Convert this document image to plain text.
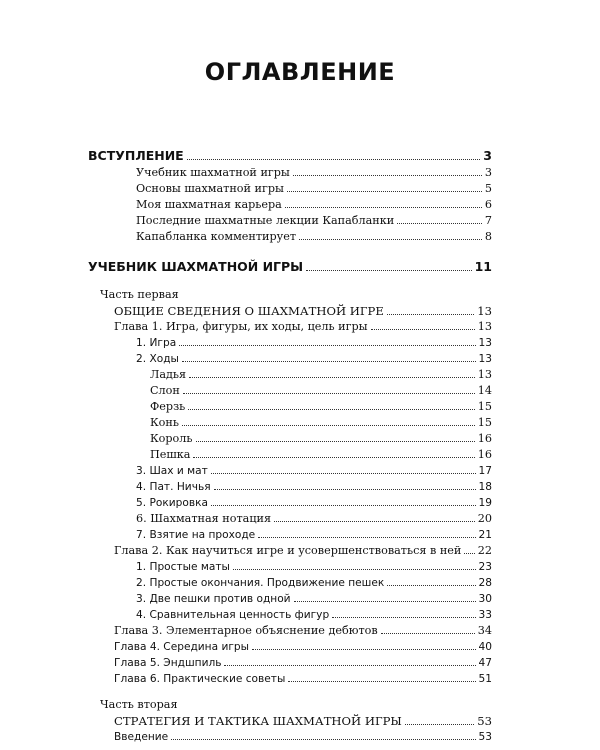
ОГЛАВЛЕНИЕ
Часть первая
Часть вторая
ВСТУПЛЕНИЕ	3
Учебник шахматной игры	3
Основы шахматной игры	5
Моя шахматная карьера	6
Последние шахматные лекции Капабланки	7
Капабланка комментирует	8
УЧЕБНИК ШАХМАТНОЙ ИГРЫ	11
ОБЩИЕ СВЕДЕНИЯ О ШАХМАТНОЙ ИГРЕ	13
Глава 1. Игра, фигуры, их ходы, цель игры	13
1. Игра	13
2. Ходы	13
Ладья	13
Слон	14
Ферзь	15
Конь	15
Король	16
Пешка	16
3. Шах и мат	17
4. Пат. Ничья	18
5. Рокировка	19
6. Шахматная нотация	20
7. Взятие на проходе	21
Глава 2. Как научиться игре и усовершенствоваться в ней 22
1. Простые маты	23
2. Простые окончания. Продвижение пешек	28
3. Две пешки против одной	30
4. Сравнительная ценность фигур	33
Глава 3. Элементарное объяснение дебютов	34
Глава 4. Середина игры	40
Глава 5. Эндшпиль	47
Глава 6. Практические советы	51
СТРАТЕГИЯ И ТАКТИКА ШАХМАТНОЙ ИГРЫ	53
Введение	53
